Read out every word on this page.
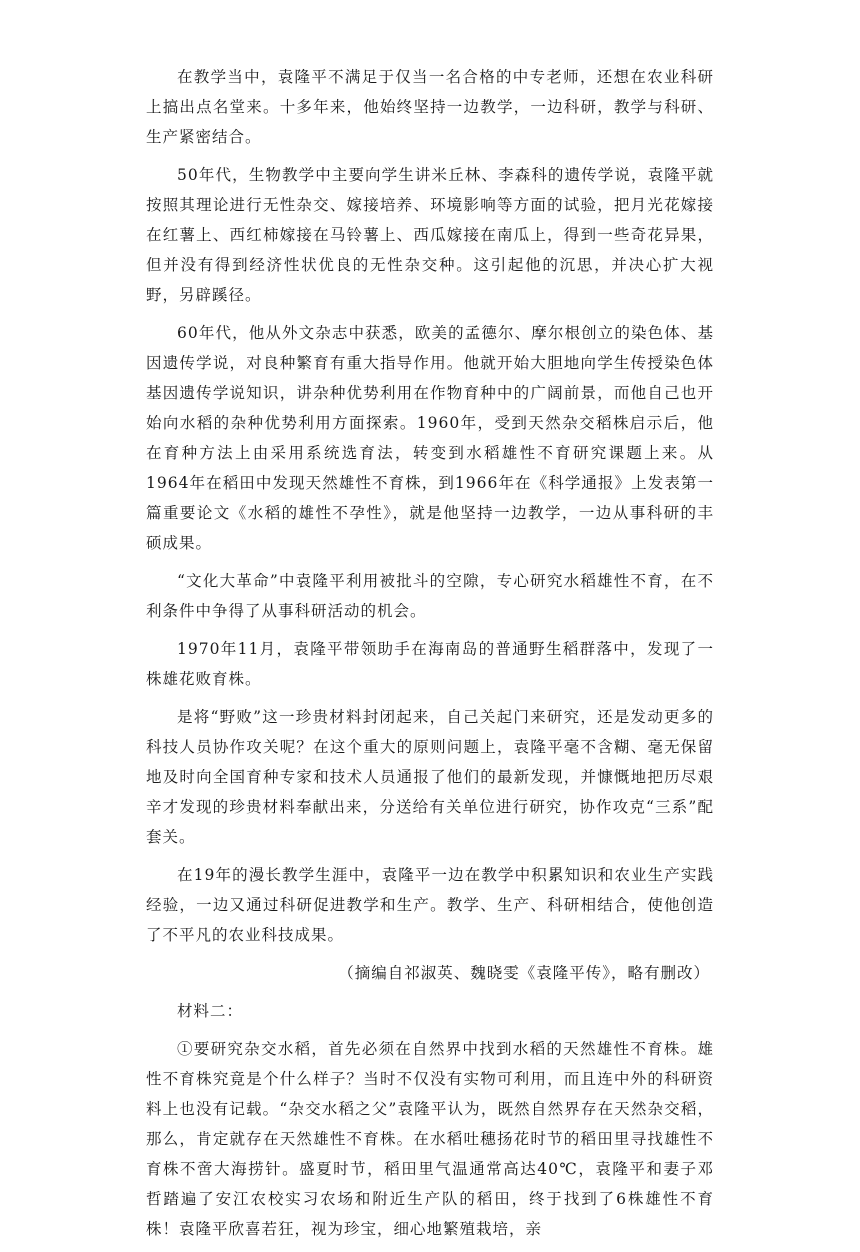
在教学当中，袁隆平不满足于仅当一名合格的中专老师，还想在农业科研上搞出点名堂来。十多年来，他始终坚持一边教学，一边科研，教学与科研、生产紧密结合。

50年代，生物教学中主要向学生讲米丘林、李森科的遗传学说，袁隆平就按照其理论进行无性杂交、嫁接培养、环境影响等方面的试验，把月光花嫁接在红薯上、西红柿嫁接在马铃薯上、西瓜嫁接在南瓜上，得到一些奇花异果，但并没有得到经济性状优良的无性杂交种。这引起他的沉思，并决心扩大视野，另辟蹊径。

60年代，他从外文杂志中获悉，欧美的孟德尔、摩尔根创立的染色体、基因遗传学说，对良种繁育有重大指导作用。他就开始大胆地向学生传授染色体基因遗传学说知识，讲杂种优势利用在作物育种中的广阔前景，而他自己也开始向水稻的杂种优势利用方面探索。1960年，受到天然杂交稻株启示后，他在育种方法上由采用系统选育法，转变到水稻雄性不育研究课题上来。从1964年在稻田中发现天然雄性不育株，到1966年在《科学通报》上发表第一篇重要论文《水稻的雄性不孕性》，就是他坚持一边教学，一边从事科研的丰硕成果。

“文化大革命”中袁隆平利用被批斗的空隙，专心研究水稻雄性不育，在不利条件中争得了从事科研活动的机会。

1970年11月，袁隆平带领助手在海南岛的普通野生稻群落中，发现了一株雄花败育株。

是将“野败”这一珍贵材料封闭起来，自己关起门来研究，还是发动更多的科技人员协作攻关呢？在这个重大的原则问题上，袁隆平毫不含糊、毫无保留地及时向全国育种专家和技术人员通报了他们的最新发现，并慷慨地把历尽艰辛才发现的珍贵材料奉献出来，分送给有关单位进行研究，协作攻克“三系”配套关。

在19年的漫长教学生涯中，袁隆平一边在教学中积累知识和农业生产实践经验，一边又通过科研促进教学和生产。教学、生产、科研相结合，使他创造了不平凡的农业科技成果。

（摘编自祁淑英、魏晓雯《袁隆平传》，略有删改）

材料二：

①要研究杂交水稻，首先必须在自然界中找到水稻的天然雄性不育株。雄性不育株究竟是个什么样子？当时不仅没有实物可利用，而且连中外的科研资料上也没有记载。“杂交水稻之父”袁隆平认为，既然自然界存在天然杂交稻，那么，肯定就存在天然雄性不育株。在水稻吐穗扬花时节的稻田里寻找雄性不育株不啻大海捞针。盛夏时节，稻田里气温通常高达40℃，袁隆平和妻子邓哲踏遍了安江农校实习农场和附近生产队的稻田，终于找到了6株雄性不育株！袁隆平欣喜若狂，视为珍宝，细心地繁殖栽培，亲
